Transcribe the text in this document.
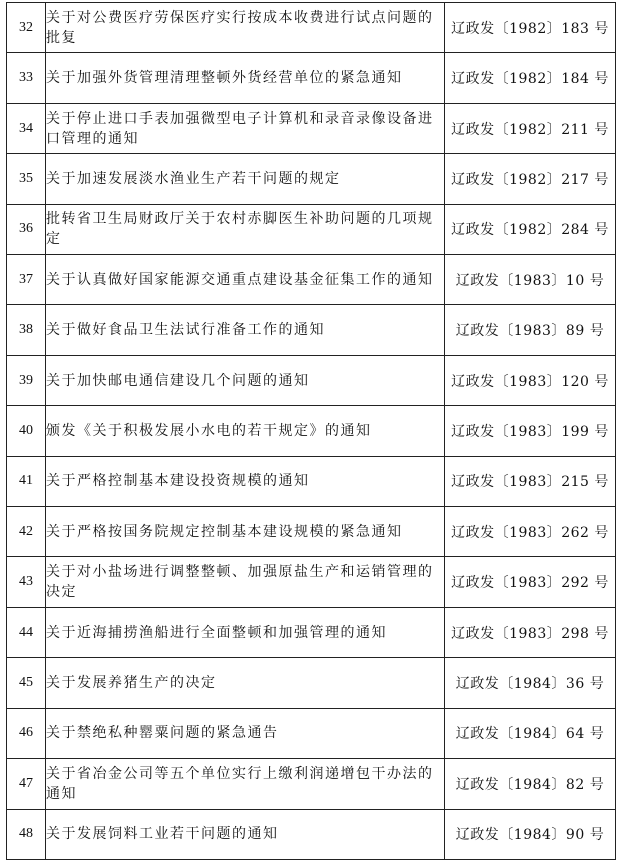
32	关于对公费医疗劳保医疗实行按成本收费进行试点问题的批复	辽政发〔1982〕183 号
33	关于加强外货管理清理整顿外货经营单位的紧急通知	辽政发〔1982〕184 号
34	关于停止进口手表加强微型电子计算机和录音录像设备进口管理的通知	辽政发〔1982〕211 号
35	关于加速发展淡水渔业生产若干问题的规定	辽政发〔1982〕217 号
36	批转省卫生局财政厅关于农村赤脚医生补助问题的几项规定	辽政发〔1982〕284 号
37	关于认真做好国家能源交通重点建设基金征集工作的通知	辽政发〔1983〕10 号
38	关于做好食品卫生法试行准备工作的通知	辽政发〔1983〕89 号
39	关于加快邮电通信建设几个问题的通知	辽政发〔1983〕120 号
40	颁发《关于积极发展小水电的若干规定》的通知	辽政发〔1983〕199 号
41	关于严格控制基本建设投资规模的通知	辽政发〔1983〕215 号
42	关于严格按国务院规定控制基本建设规模的紧急通知	辽政发〔1983〕262 号
43	关于对小盐场进行调整整顿、加强原盐生产和运销管理的决定	辽政发〔1983〕292 号
44	关于近海捕捞渔船进行全面整顿和加强管理的通知	辽政发〔1983〕298 号
45	关于发展养猪生产的决定	辽政发〔1984〕36 号
46	关于禁绝私种罂粟问题的紧急通告	辽政发〔1984〕64 号
47	关于省冶金公司等五个单位实行上缴利润递增包干办法的通知	辽政发〔1984〕82 号
48	关于发展饲料工业若干问题的通知	辽政发〔1984〕90 号
